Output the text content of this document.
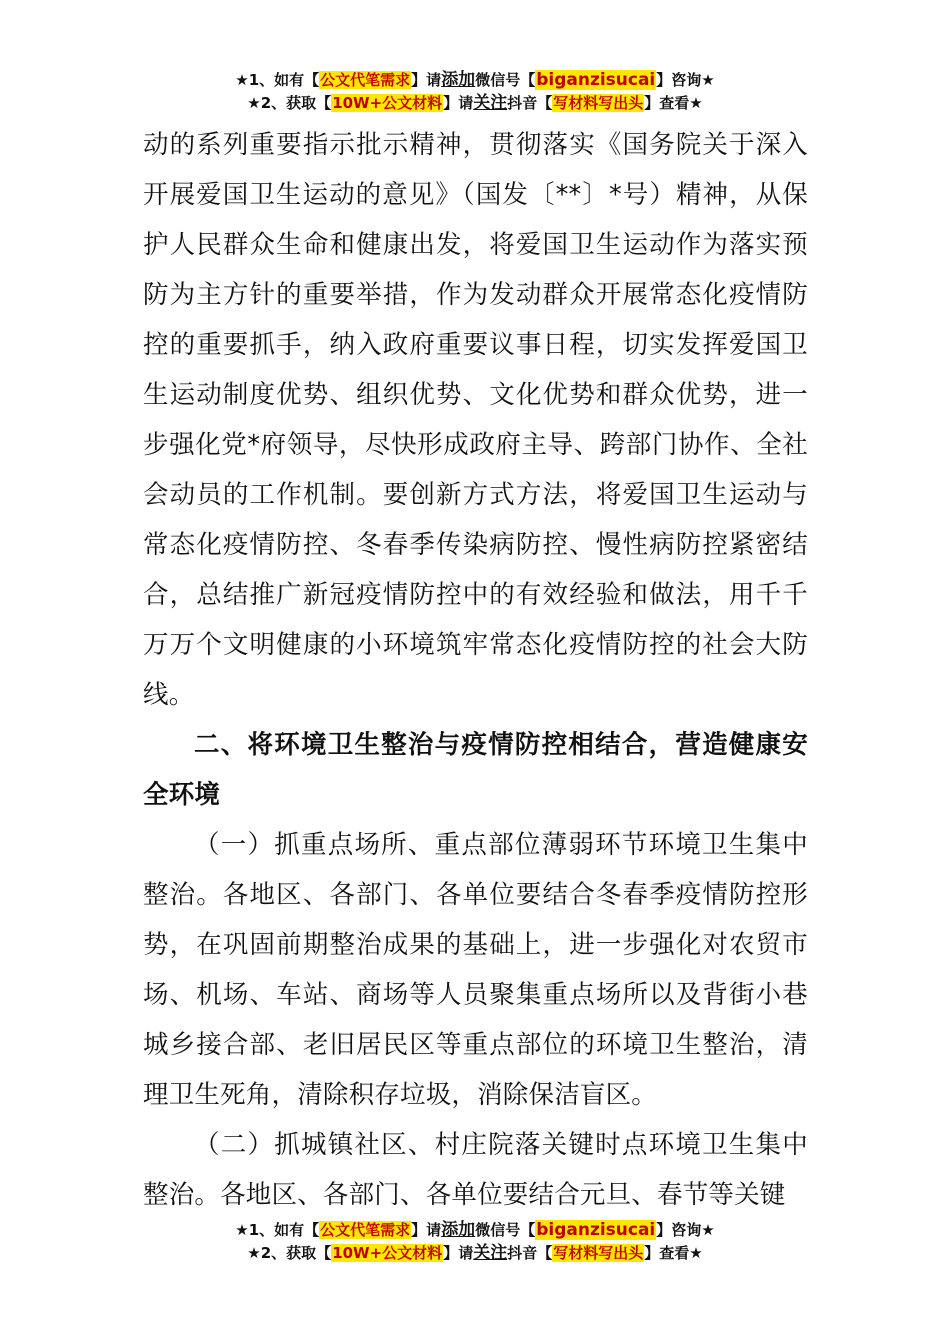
★1、如有【公文代笔需求】请添加微信号【biganzisucai】咨询★
★2、获取【10W+公文材料】请关注抖音【写材料写出头】查看★

动的系列重要指示批示精神，贯彻落实《国务院关于深入开展爱国卫生运动的意见》（国发〔**〕*号）精神，从保护人民群众生命和健康出发，将爱国卫生运动作为落实预防为主方针的重要举措，作为发动群众开展常态化疫情防控的重要抓手，纳入政府重要议事日程，切实发挥爱国卫生运动制度优势、组织优势、文化优势和群众优势，进一步强化党*府领导，尽快形成政府主导、跨部门协作、全社会动员的工作机制。要创新方式方法，将爱国卫生运动与常态化疫情防控、冬春季传染病防控、慢性病防控紧密结合，总结推广新冠疫情防控中的有效经验和做法，用千千万万个文明健康的小环境筑牢常态化疫情防控的社会大防线。

二、将环境卫生整治与疫情防控相结合，营造健康安全环境

（一）抓重点场所、重点部位薄弱环节环境卫生集中整治。各地区、各部门、各单位要结合冬春季疫情防控形势，在巩固前期整治成果的基础上，进一步强化对农贸市场、机场、车站、商场等人员聚集重点场所以及背街小巷城乡接合部、老旧居民区等重点部位的环境卫生整治，清理卫生死角，清除积存垃圾，消除保洁盲区。

（二）抓城镇社区、村庄院落关键时点环境卫生集中整治。各地区、各部门、各单位要结合元旦、春节等关键

★1、如有【公文代笔需求】请添加微信号【biganzisucai】咨询★
★2、获取【10W+公文材料】请关注抖音【写材料写出头】查看★
